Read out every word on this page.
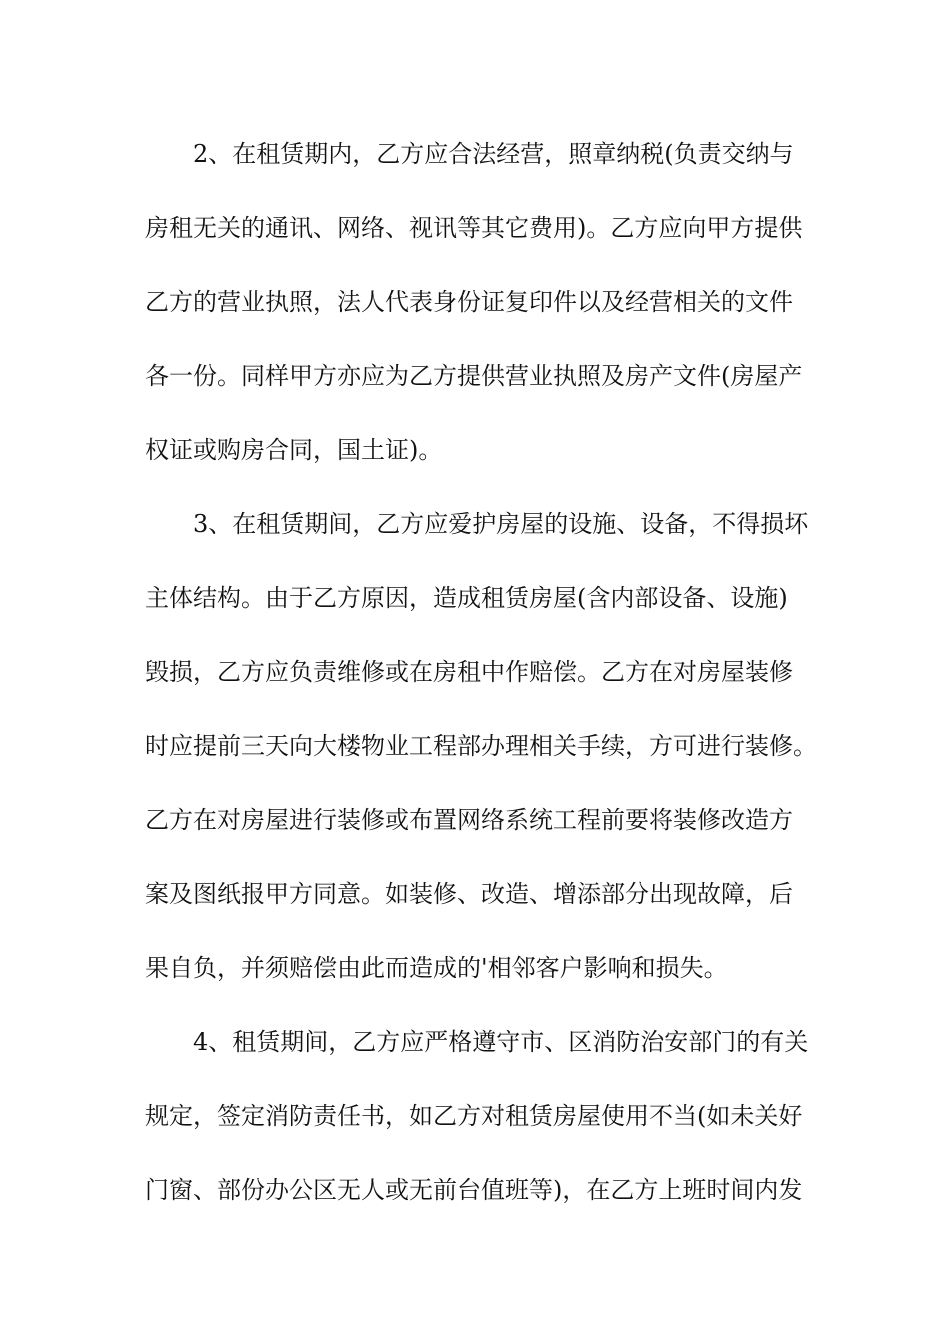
2、在租赁期内，乙方应合法经营，照章纳税(负责交纳与
房租无关的通讯、网络、视讯等其它费用)。乙方应向甲方提供
乙方的营业执照，法人代表身份证复印件以及经营相关的文件
各一份。同样甲方亦应为乙方提供营业执照及房产文件(房屋产
权证或购房合同，国土证)。
3、在租赁期间，乙方应爱护房屋的设施、设备，不得损坏
主体结构。由于乙方原因，造成租赁房屋(含内部设备、设施)
毁损，乙方应负责维修或在房租中作赔偿。乙方在对房屋装修
时应提前三天向大楼物业工程部办理相关手续，方可进行装修。
乙方在对房屋进行装修或布置网络系统工程前要将装修改造方
案及图纸报甲方同意。如装修、改造、增添部分出现故障，后
果自负，并须赔偿由此而造成的'相邻客户影响和损失。
4、租赁期间，乙方应严格遵守市、区消防治安部门的有关
规定，签定消防责任书，如乙方对租赁房屋使用不当(如未关好
门窗、部份办公区无人或无前台值班等)，在乙方上班时间内发
